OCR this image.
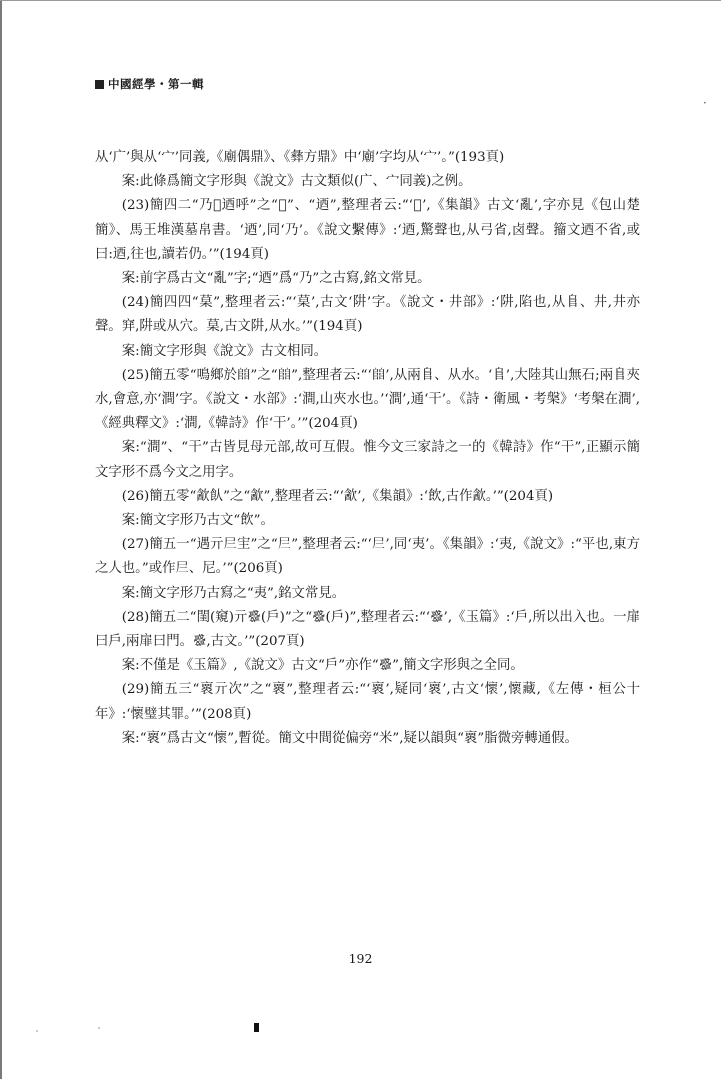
中國經學・第一輯
·

从‘广’與从‘宀’同義,《廟偶鼎》、《彝方鼎》中‘廟’字均从‘宀’。”(193頁)

案:此條爲簡文字形與《說文》古文類似(广、宀同義)之例。

(23)簡四二“乃𢿝迺呼”之“𢿝”、“迺”,整理者云:“‘𢿝’,《集韻》古文‘亂’,字亦見《包山楚簡》、馬王堆漢墓帛書。‘迺’,同‘乃’。《說文繫傳》:‘迺,驚聲也,从弓省,卤聲。籀文迺不省,或曰:迺,往也,讀若仍。’”(194頁)

案:前字爲古文“亂”字;“迺”爲“乃”之古寫,銘文常見。

(24)簡四四“菒”,整理者云:“‘菒’,古文‘阱’字。《說文・井部》:‘阱,陷也,从𨸏、井,井亦聲。穽,阱或从穴。菒,古文阱,从水。’”(194頁)

案:簡文字形與《說文》古文相同。

(25)簡五零“鳴鄉於𨺅”之“𨺅”,整理者云:“‘𨺅’,从兩𨸏、从水。‘𨸏’,大陸其山無石;兩𨸏夾水,會意,亦‘澗’字。《說文・水部》:‘澗,山夾水也。’‘澗’,通‘干’。《詩・衛風・考槃》‘考槃在澗’,《經典釋文》:‘澗,《韓詩》作‘干’。’”(204頁)

案:“澗”、“干”古皆見母元部,故可互假。惟今文三家詩之一的《韓詩》作“干”,正顯示簡文字形不爲今文之用字。

(26)簡五零“㱃飤”之“㱃”,整理者云:“‘㱃’,《集韻》:‘飲,古作㱃。’”(204頁)

案:簡文字形乃古文“飲”。

(27)簡五一“遇亓𡰥宔”之“𡰥”,整理者云:“‘𡰥’,同‘夷’。《集韻》:‘夷,《說文》:“平也,東方之人也。”或作𡰥、尼。’”(206頁)

案:簡文字形乃古寫之“夷”,銘文常見。

(28)簡五二“閨(窺)亓𢨋(戶)”之“𢨋(戶)”,整理者云:“‘𢨋’,《玉篇》:‘戶,所以出入也。一扉曰戶,兩扉曰門。𢨋,古文。’”(207頁)

案:不僅是《玉篇》,《說文》古文“戶”亦作“𢨋”,簡文字形與之全同。

(29)簡五三“褱亓次”之“褱”,整理者云:“‘褱’,疑同‘褱’,古文‘懷’,懷藏,《左傳・桓公十年》:‘懷璧其罪。’”(208頁)

案:“褱”爲古文“懷”,暫從。簡文中間從偏旁“米”,疑以韻與“褱”脂微旁轉通假。

192
